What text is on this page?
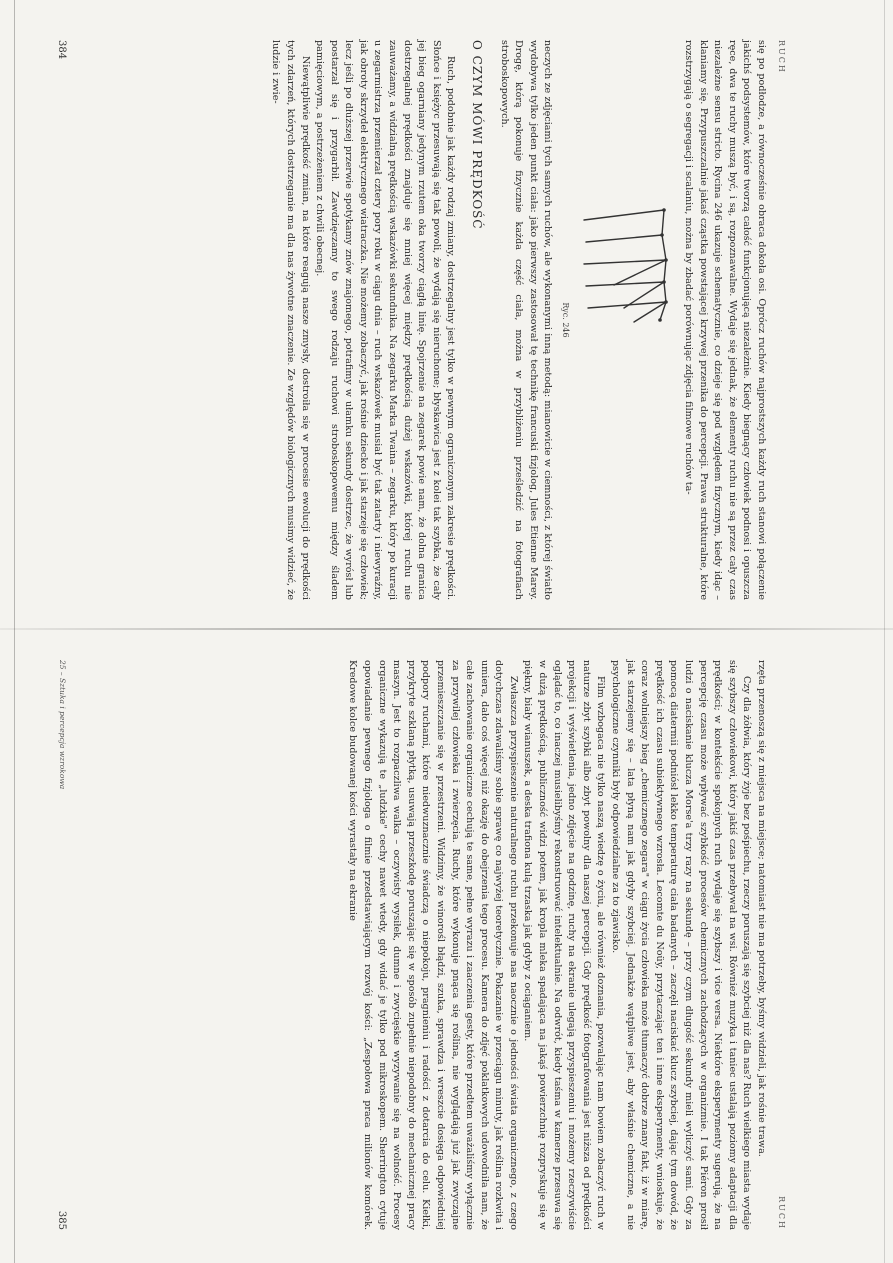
RUCH

się po podłodze, a równocześnie obraca dokoła osi. Oprócz ruchów najprostszych każdy ruch stanowi połączenie jakichś podsystemów, które tworzą całość funkcjonującą niezależnie. Kiedy biegnący człowiek podnosi i opuszcza ręce, dwa te ruchy muszą być, i są, rozpoznawalne. Wydaje się jednak, że elementy ruchu nie są przez cały czas niezależne sensu stricto. Rycina 246 ukazuje schematycznie, co dzieje się pod względem fizycznym, kiedy idąc – klaniamy się. Przypuszczalnie jakaś cząstka powstającej krzywej przenika do percepcji. Prawa strukturalne, które rozstrzygają o segregacji i scalaniu, można by zbadać porównując zdjęcia filmowe ruchów ta-

Ryc. 246

neczych ze zdjęciami tych samych ruchów, ale wykonanymi inną metodą: mianowicie w ciemności, z której światło wydobywa tylko jeden punkt ciała: jako pierwszy zastosował tę technikę francuski fizjolog, Jules Etienne Marey. Drogę, którą pokonuje fizycznie każda część ciała, można w przybliżeniu prześledzić na fotografiach stroboskopowych.

O CZYM MÓWI PRĘDKOŚĆ

Ruch, podobnie jak każdy rodzaj zmiany, dostrzegalny jest tylko w pewnym ograniczonym zakresie prędkości. Słońce i księżyc przesuwają się tak powoli, że wydają się nieruchome; błyskawica jest z kolei tak szybka, że cały jej bieg ogarniany jedynym rzutem oka tworzy ciągłą linię. Spojrzenie na zegarek powie nam, że dolna granica dostrzegalnej prędkości znajduje się mniej więcej między prędkością dużej wskazówki, której ruchu nie zauważamy, a widzialną prędkością wskazówki sekundnika. Na zegarku Marka Twaina – zegarku, który po kuracji u zegarmistrza przemierzał cztery pory roku w ciągu dnia – ruch wskazówek musiał być tak zatarty i niewyraźny, jak obroty skrzydeł elektrycznego wiatraczka. Nie możemy zobaczyć, jak rośnie dziecko i jak starzeje się człowiek; lecz jeśli po dłuższej przerwie spotykamy znów znajomego, potrafimy w ułamku sekundy dostrzec, że wyrósł lub postarzał się i przygarbił. Zawdzięczamy to swego rodzaju ruchowi stroboskopowemu między śladem pamięciowym, a postrzeżeniem z chwili obecnej.

Niewątpliwie prędkość zmian, na które reagują nasze zmysły, dostroiła się w procesie ewolucji do prędkości tych zdarzeń, których dostrzeganie ma dla nas żywotne znaczenie. Ze względów biologicznych musimy widzieć, że ludzie i zwie-

384
RUCH

rzęta przenoszą się z miejsca na miejsce; natomiast nie ma potrzeby, byśmy widzieli, jak rośnie trawa.

Czy dla żółwia, który żyje bez pośpiechu, rzeczy poruszają się szybciej niż dla nas? Ruch wielkiego miasta wydaje się szybszy człowiekowi, który jakiś czas przebywał na wsi. Również muzyka i taniec ustalają poziomy adaptacji dla prędkości; w kontekście spokojnych ruch wydaje się szybszy i vice versa. Niektóre eksperymenty sugerują, że na percepcję czasu może wpływać szybkość procesów chemicznych zachodzących w organizmie. I tak Piéron prosił ludzi o naciskanie klucza Morse'a trzy razy na sekundę – przy czym długość sekundy mieli wyliczyć sami. Gdy za pomocą diatermii podniósł lekko temperaturę ciała badanych – zaczęli naciskać klucz szybciej, dając tym dowód, że prędkość ich czasu subiektywnego wzrosła. Lecomte du Noüy, przytaczając ten i inne eksperymenty, wnioskuje, że coraz wolniejszy bieg „chemicznego zegara" w ciągu życia człowieka może tłumaczyć dobrze znany fakt, iż w miarę, jak starzejemy się – lata płyną nam jak gdyby szybciej. Jednakże wątpliwe jest, aby właśnie chemiczne, a nie psychologiczne czynniki były odpowiedzialne za to zjawisko.

Film wzbogaca nie tylko naszą wiedzę o życiu, ale również doznania, pozwalając nam bowiem zobaczyć ruch w naturze zbyt szybki albo zbyt powolny dla naszej percepcji. Gdy prędkość fotografowania jest niższa od prędkości projekcji i wyświetlenia, jedno zdjęcie na godzinę, ruchy na ekranie ulegają przyspieszeniu i możemy rzeczywiście oglądać to, co inaczej musielibyśmy rekonstruować intelektualnie. Na odwrót, kiedy taśma w kamerze przesuwa się w dużą prędkością, publiczność widzi potem, jak kropla mleka spadająca na jakąś powierzchnię rozpryskuje się w piękny, biały wianuszek, a deska trafiona kulą trzaska jak gdyby z ociąganiem.

Zwłaszcza przyspieszenie naturalnego ruchu przekonuje nas naocznie o jedności świata organicznego, z czego dotychczas zdawaliśmy sobie sprawę co najwyżej teoretycznie. Pokazanie w przeciągu minuty, jak roślina rozkwita i umiera, dało coś więcej niż okazję do obejrzenia tego procesu. Kamera do zdjęć poklatkowych udowodniła nam, że całe zachowanie organiczne cechują te same, pełne wyrazu i zaaczenia gesty, które przedtem uważaliśmy wyłącznie za przywilej człowieka i zwierzęcia. Ruchy, które wykonuje pnąca się roślina, nie wyglądają już jak zwyczajne przemieszczanie się w przestrzeni. Widzimy, że winorośl błądzi, szuka, sprawdza i wreszcie dosięga odpowiedniej podpory ruchami, które niedwuznacznie świadczą o niepokoju, pragnieniu i radości z dotarcia do celu. Kiełki, przykryte szklaną płytką, usuwają przeszkodę poruszając się w sposób zupełnie niepodobny do mechanicznej pracy maszyn. Jest to rozpaczliwa walka – oczywisty wysiłek, dumne i zwycięskie wyzywanie się na wolność. Procesy organiczne wykazują te „ludzkie" cechy nawet wtedy, gdy widać je tylko pod mikroskopem. Sherrington cytuje opowiadanie pewnego fizjologa o filmie przedstawiającym rozwój kości: „Zespołowa praca milionów komórek. Kredowe kolce budowanej kości wyrastały na ekranie

25 – Sztuka i percepcja wzrokowa
385
